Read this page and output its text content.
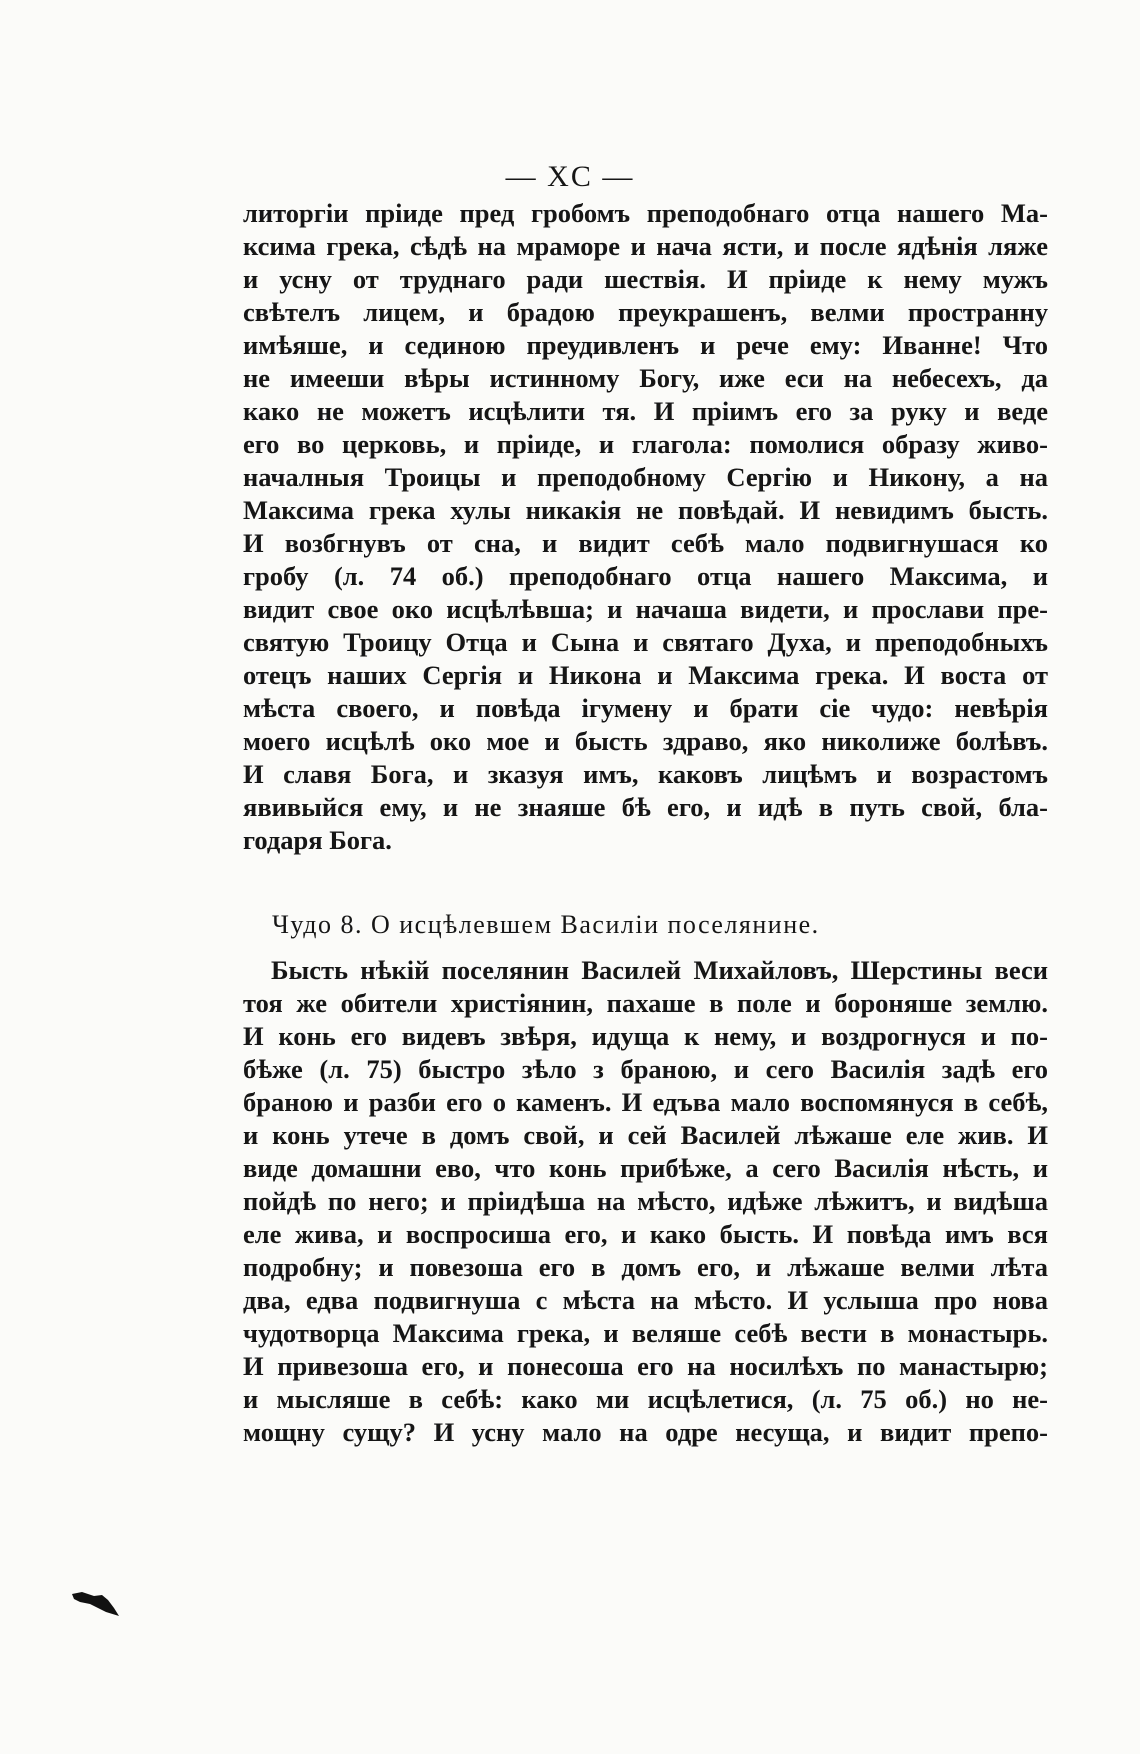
— XC —
литоргіи пріиде пред гробомъ преподобнаго отца нашего Ма-
ксима грека, сѣдѣ на мраморе и нача ясти, и после ядѣнія ляже
и усну от труднаго ради шествія. И пріиде к нему мужъ
свѣтелъ лицем, и брадою преукрашенъ, велми пространну
имѣяше, и сединою преудивленъ и рече ему: Иванне! Что
не имееши вѣры истинному Богу, иже еси на небесехъ, да
како не можетъ исцѣлити тя. И пріимъ его за руку и веде
его во церковь, и пріиде, и глагола: помолися образу живо-
началныя Троицы и преподобному Сергію и Никону, а на
Максима грека хулы никакія не повѣдай. И невидимъ бысть.
И возбгнувъ от сна, и видит себѣ мало подвигнушася ко
гробу (л. 74 об.) преподобнаго отца нашего Максима, и
видит свое око исцѣлѣвша; и начаша видети, и прослави пре-
святую Троицу Отца и Сына и святаго Духа, и преподобныхъ
отецъ наших Сергія и Никона и Максима грека. И воста от
мѣста своего, и повѣда ігумену и брати сіе чудо: невѣрія
моего исцѣлѣ око мое и бысть здраво, яко николиже болѣвъ.
И славя Бога, и зказуя имъ, каковъ лицѣмъ и возрастомъ
явивыйся ему, и не знаяше бѣ его, и идѣ в путь свой, бла-
годаря Бога.
Чудо 8. О исцѣлевшем Василіи поселянине.
Бысть нѣкій поселянин Василей Михайловъ, Шерстины веси
тоя же обители христіянин, пахаше в поле и бороняше землю.
И конь его видевъ звѣря, идуща к нему, и воздрогнуся и по-
бѣже (л. 75) быстро зѣло з браною, и сего Василія задѣ его
браною и разби его о каменъ. И едъва мало воспомянуся в себѣ,
и конь утече в домъ свой, и сей Василей лѣжаше еле жив. И
виде домашни ево, что конь прибѣже, а сего Василія нѣсть, и
пойдѣ по него; и пріидѣша на мѣсто, идѣже лѣжитъ, и видѣша
еле жива, и воспросиша его, и како бысть. И повѣда имъ вся
подробну; и повезоша его в домъ его, и лѣжаше велми лѣта
два, едва подвигнуша с мѣста на мѣсто. И услыша про нова
чудотворца Максима грека, и веляше себѣ вести в монастырь.
И привезоша его, и понесоша его на носилѣхъ по манастырю;
и мысляше в себѣ: како ми исцѣлетися, (л. 75 об.) но не-
мощну сущу? И усну мало на одре несуща, и видит препо-
